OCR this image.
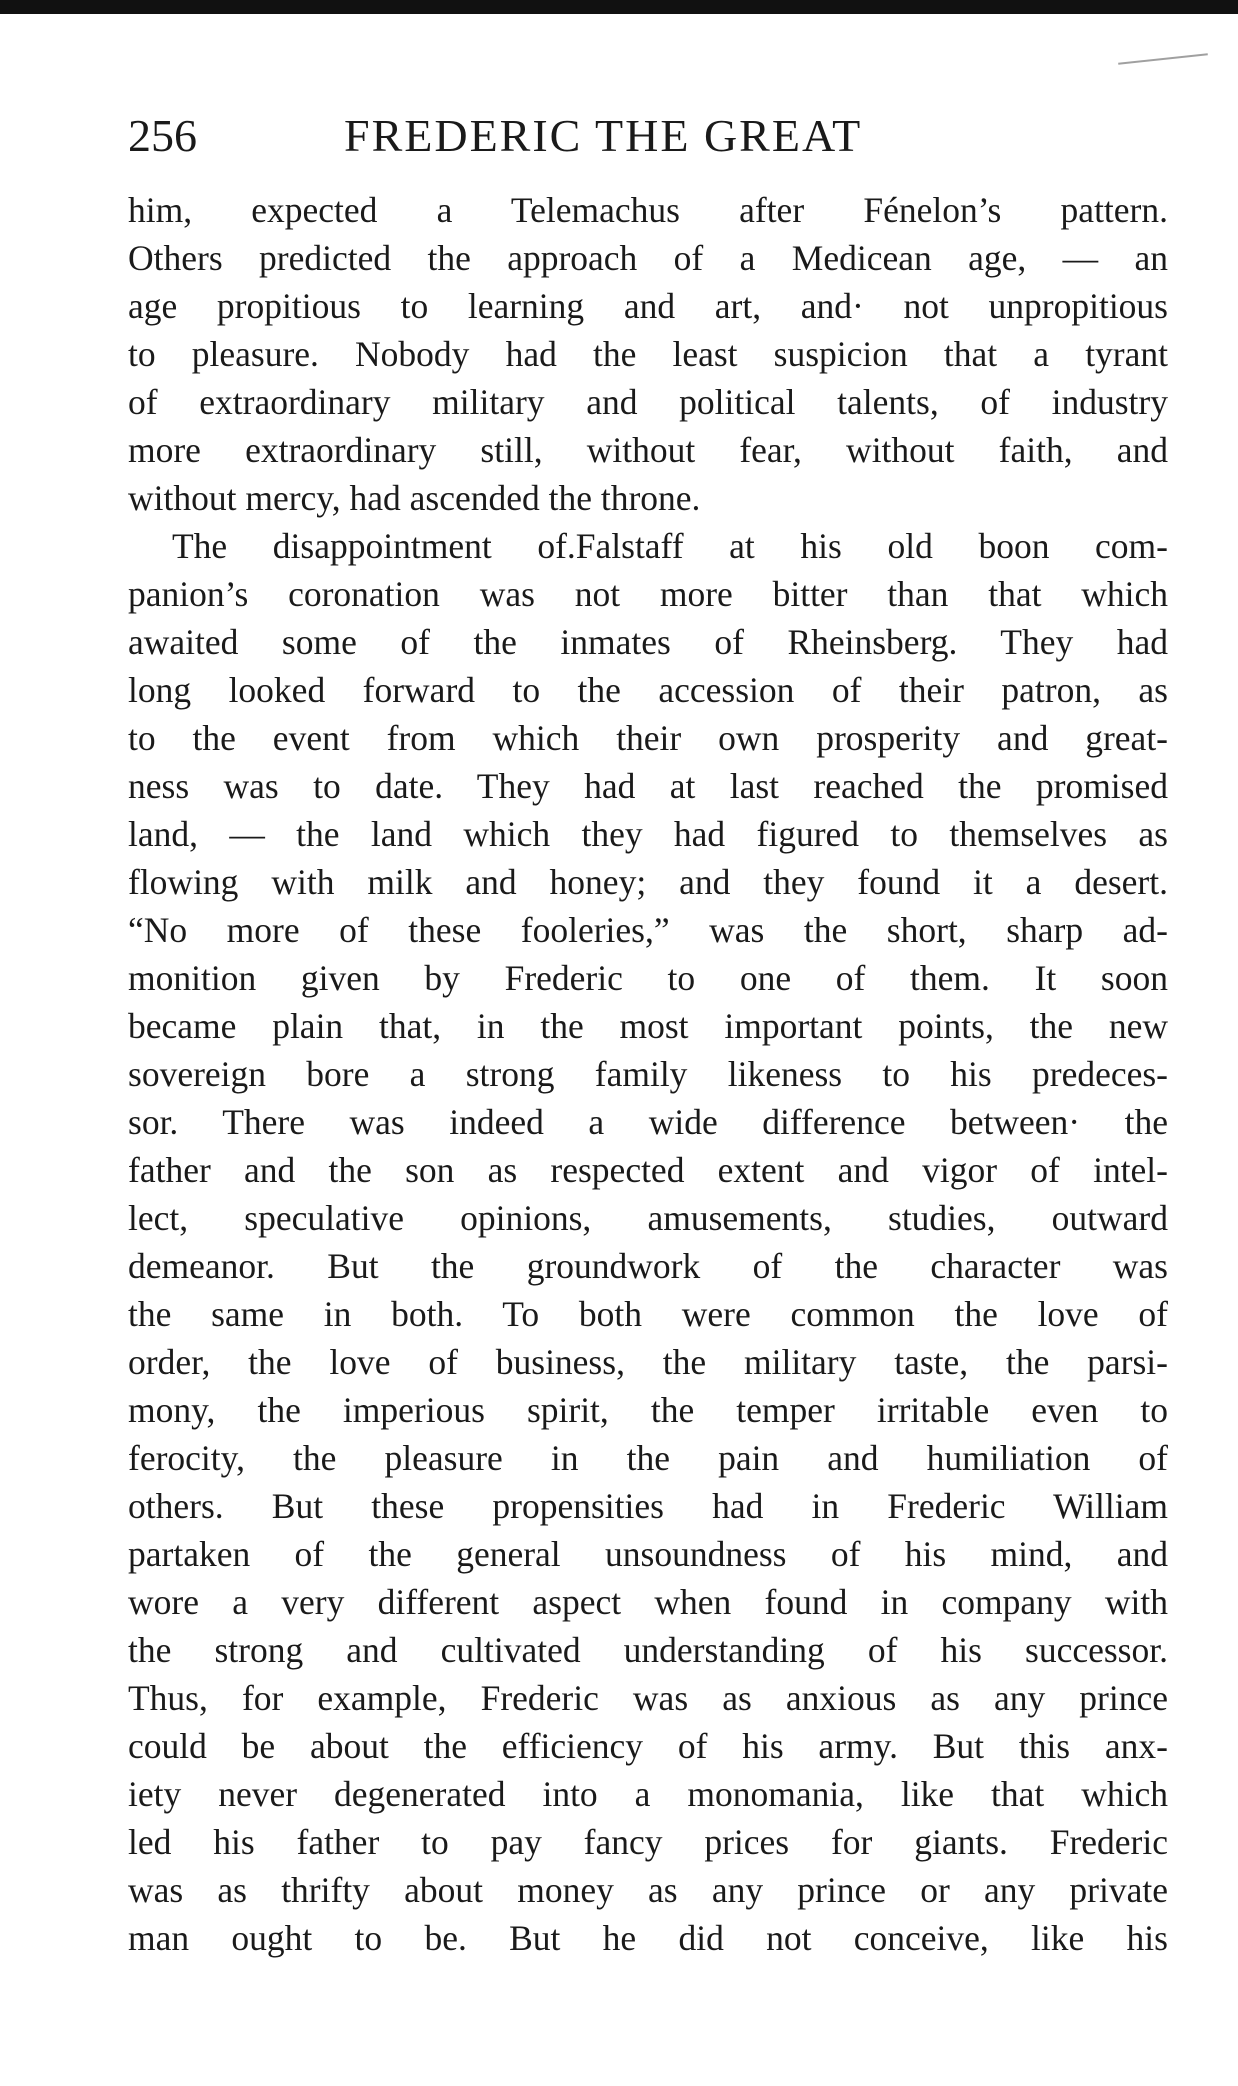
256	FREDERIC THE GREAT
him, expected a Telemachus after Fénelon’s pattern.
Others predicted the approach of a Medicean age, — an
age propitious to learning and art, and· not unpropitious
to pleasure. Nobody had the least suspicion that a tyrant
of extraordinary military and political talents, of industry
more extraordinary still, without fear, without faith, and
without mercy, had ascended the throne.
The disappointment of.Falstaff at his old boon com-
panion’s coronation was not more bitter than that which
awaited some of the inmates of Rheinsberg. They had
long looked forward to the accession of their patron, as
to the event from which their own prosperity and great-
ness was to date. They had at last reached the promised
land, — the land which they had figured to themselves as
flowing with milk and honey; and they found it a desert.
“No more of these fooleries,” was the short, sharp ad-
monition given by Frederic to one of them. It soon
became plain that, in the most important points, the new
sovereign bore a strong family likeness to his predeces-
sor. There was indeed a wide difference between· the
father and the son as respected extent and vigor of intel-
lect, speculative opinions, amusements, studies, outward
demeanor. But the groundwork of the character was
the same in both. To both were common the love of
order, the love of business, the military taste, the parsi-
mony, the imperious spirit, the temper irritable even to
ferocity, the pleasure in the pain and humiliation of
others. But these propensities had in Frederic William
partaken of the general unsoundness of his mind, and
wore a very different aspect when found in company with
the strong and cultivated understanding of his successor.
Thus, for example, Frederic was as anxious as any prince
could be about the efficiency of his army. But this anx-
iety never degenerated into a monomania, like that which
led his father to pay fancy prices for giants. Frederic
was as thrifty about money as any prince or any private
man ought to be. But he did not conceive, like his
